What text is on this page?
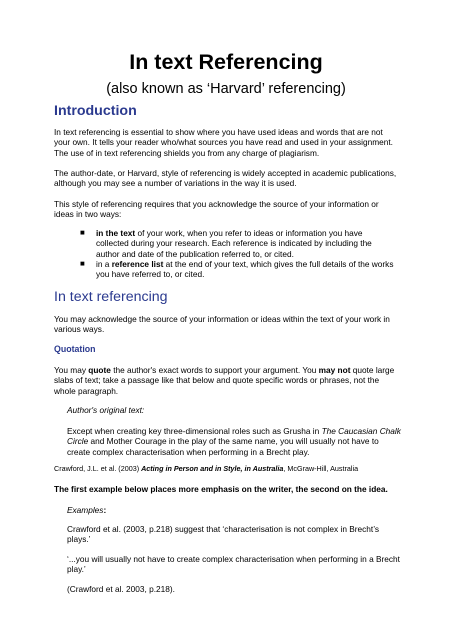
In text Referencing
(also known as ‘Harvard’ referencing)
Introduction
In text referencing is essential to show where you have used ideas and words that are not your own. It tells your reader who/what sources you have read and used in your assignment. The use of in text referencing shields you from any charge of plagiarism.
The author-date, or Harvard, style of referencing is widely accepted in academic publications, although you may see a number of variations in the way it is used.
This style of referencing requires that you acknowledge the source of your information or ideas in two ways:
■ in the text of your work, when you refer to ideas or information you have collected during your research. Each reference is indicated by including the author and date of the publication referred to, or cited.
■ in a reference list at the end of your text, which gives the full details of the works you have referred to, or cited.
In text referencing
You may acknowledge the source of your information or ideas within the text of your work in various ways.
Quotation
You may quote the author's exact words to support your argument. You may not quote large slabs of text; take a passage like that below and quote specific words or phrases, not the whole paragraph.
Author's original text:
Except when creating key three-dimensional roles such as Grusha in The Caucasian Chalk Circle and Mother Courage in the play of the same name, you will usually not have to create complex characterisation when performing in a Brecht play.
Crawford, J.L. et al. (2003) Acting in Person and in Style, in Australia, McGraw-Hill, Australia
The first example below places more emphasis on the writer, the second on the idea.
Examples:
Crawford et al. (2003, p.218) suggest that ‘characterisation is not complex in Brecht’s plays.’
‘...you will usually not have to create complex characterisation when performing in a Brecht play.’
(Crawford et al. 2003, p.218).
